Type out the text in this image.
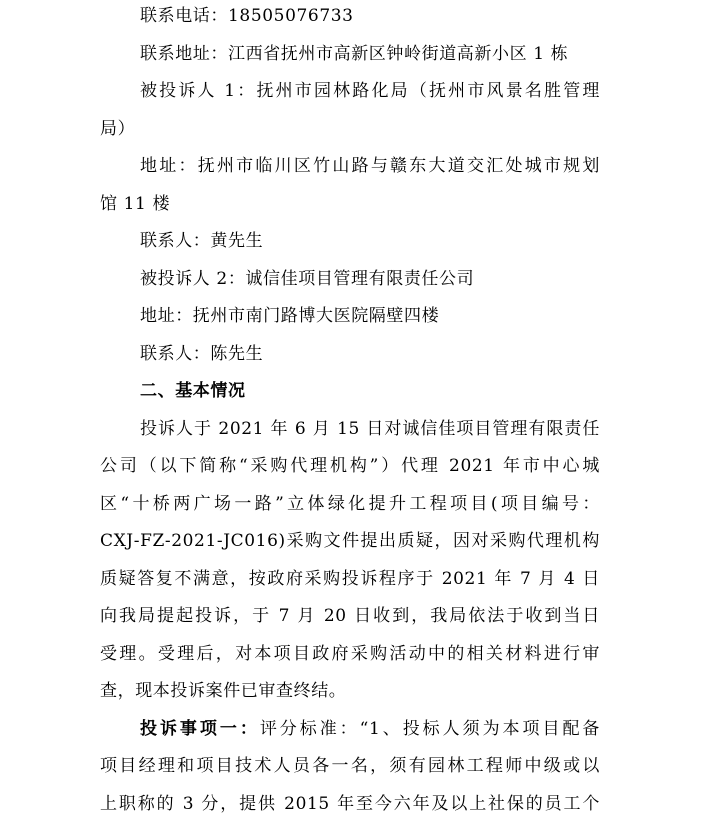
联系电话：18505076733
联系地址：江西省抚州市高新区钟岭街道高新小区 1 栋
被投诉人 1：抚州市园林路化局（抚州市风景名胜管理
局）
地址：抚州市临川区竹山路与赣东大道交汇处城市规划
馆 11 楼
联系人：黄先生
被投诉人 2：诚信佳项目管理有限责任公司
地址：抚州市南门路博大医院隔壁四楼
联系人：陈先生
二、基本情况
投诉人于 2021 年 6 月 15 日对诚信佳项目管理有限责任
公司（以下简称“采购代理机构”）代理 2021 年市中心城
区“十桥两广场一路”立体绿化提升工程项目(项目编号：
CXJ-FZ-2021-JC016)采购文件提出质疑，因对采购代理机构
质疑答复不满意，按政府采购投诉程序于 2021 年 7 月 4 日
向我局提起投诉，于 7 月 20 日收到，我局依法于收到当日
受理。受理后，对本项目政府采购活动中的相关材料进行审
查，现本投诉案件已审查终结。
投诉事项一：评分标准：“1、投标人须为本项目配备
项目经理和项目技术人员各一名，须有园林工程师中级或以
上职称的 3 分，提供 2015 年至今六年及以上社保的员工个
